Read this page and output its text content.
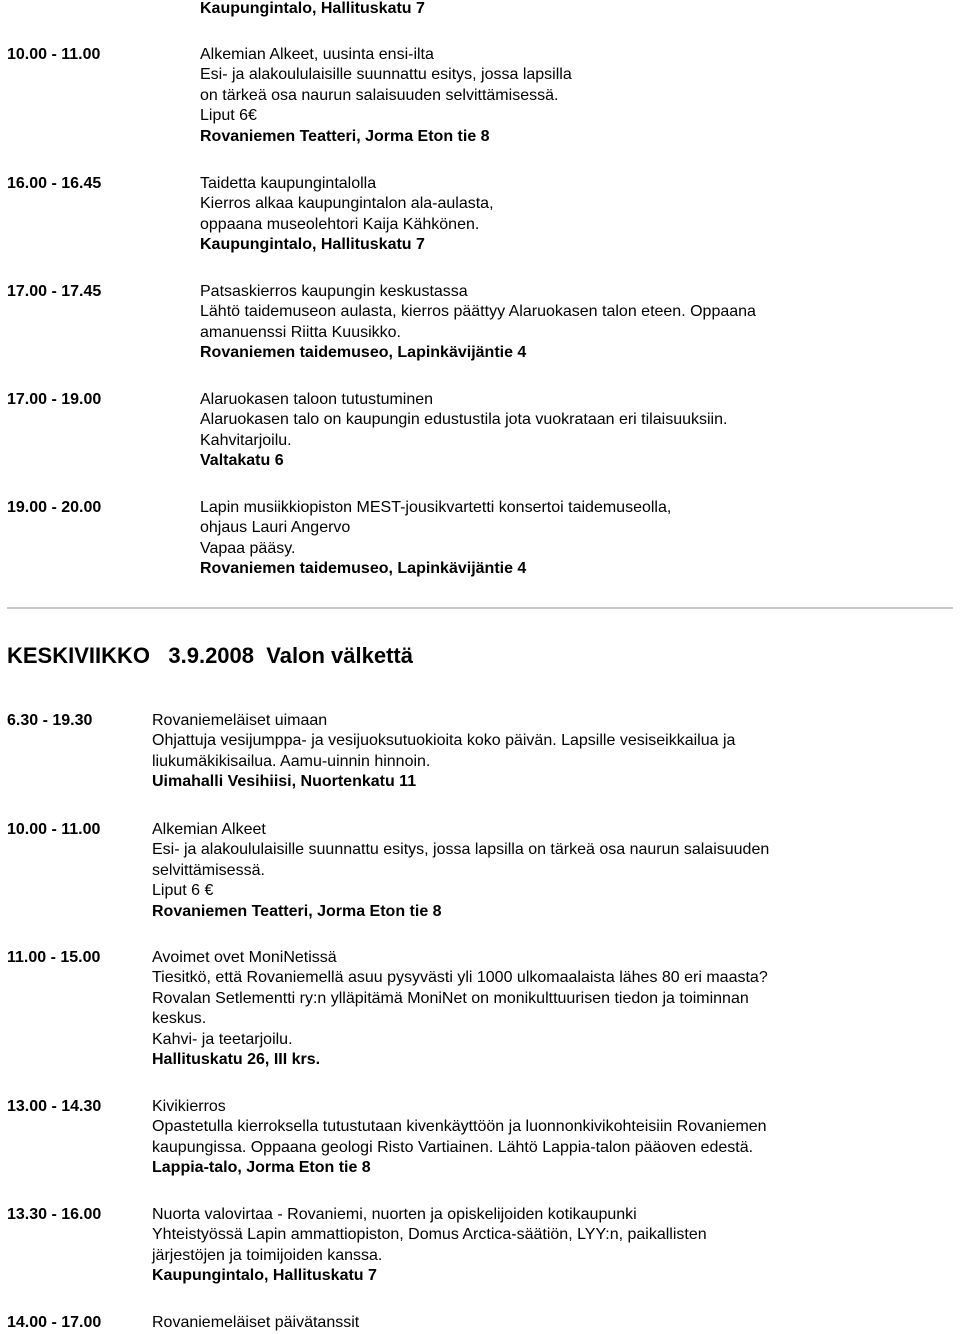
Kaupungintalo, Hallituskatu 7
10.00 - 11.00	Alkemian Alkeet, uusinta ensi-ilta
Esi- ja alakoululaisille suunnattu esitys, jossa lapsilla
on tärkeä osa naurun salaisuuden selvittämisessä.
Liput 6€
Rovaniemen Teatteri, Jorma Eton tie 8
16.00 - 16.45	Taidetta kaupungintalolla
Kierros alkaa kaupungintalon ala-aulasta,
oppaana museolehtori Kaija Kähkönen.
Kaupungintalo, Hallituskatu 7
17.00 - 17.45	Patsaskierros kaupungin keskustassa
Lähtö taidemuseon aulasta, kierros päättyy Alaruokasen talon eteen. Oppaana
amanuenssi Riitta Kuusikko.
Rovaniemen taidemuseo, Lapinkävijäntie 4
17.00 - 19.00	Alaruokasen taloon tutustuminen
Alaruokasen talo on kaupungin edustustila jota vuokrataan eri tilaisuuksiin.
Kahvitarjoilu.
Valtakatu 6
19.00 - 20.00	Lapin musiikkiopiston MEST-jousikvartetti konsertoi taidemuseolla,
ohjaus Lauri Angervo
Vapaa pääsy.
Rovaniemen taidemuseo, Lapinkävijäntie 4
KESKIVIIKKO 3.9.2008 Valon välkettä
6.30 - 19.30	Rovaniemeläiset uimaan
Ohjattuja vesijumppa- ja vesijuoksutuokioita koko päivän. Lapsille vesiseikkailua ja
liukumäkikisailua. Aamu-uinnin hinnoin.
Uimahalli Vesihiisi, Nuortenkatu 11
10.00 - 11.00	Alkemian Alkeet
Esi- ja alakoululaisille suunnattu esitys, jossa lapsilla on tärkeä osa naurun salaisuuden
selvittämisessä.
Liput 6 €
Rovaniemen Teatteri, Jorma Eton tie 8
11.00 - 15.00	Avoimet ovet MoniNetissä
Tiesitkö, että Rovaniemellä asuu pysyvästi yli 1000 ulkomaalaista lähes 80 eri maasta?
Rovalan Setlementti ry:n ylläpitämä MoniNet on monikulttuurisen tiedon ja toiminnan
keskus.
Kahvi- ja teetarjoilu.
Hallituskatu 26, III krs.
13.00 - 14.30	Kivikierros
Opastetulla kierroksella tutustutaan kivenkäyttöön ja luonnonkivikohteisiin Rovaniemen
kaupungissa. Oppaana geologi Risto Vartiainen. Lähtö Lappia-talon pääoven edestä.
Lappia-talo, Jorma Eton tie 8
13.30 - 16.00	Nuorta valovirtaa - Rovaniemi, nuorten ja opiskelijoiden kotikaupunki
Yhteistyössä Lapin ammattiopiston, Domus Arctica-säätiön, LYY:n, paikallisten
järjestöjen ja toimijoiden kanssa.
Kaupungintalo, Hallituskatu 7
14.00 - 17.00	Rovaniemeläiset päivätanssit
